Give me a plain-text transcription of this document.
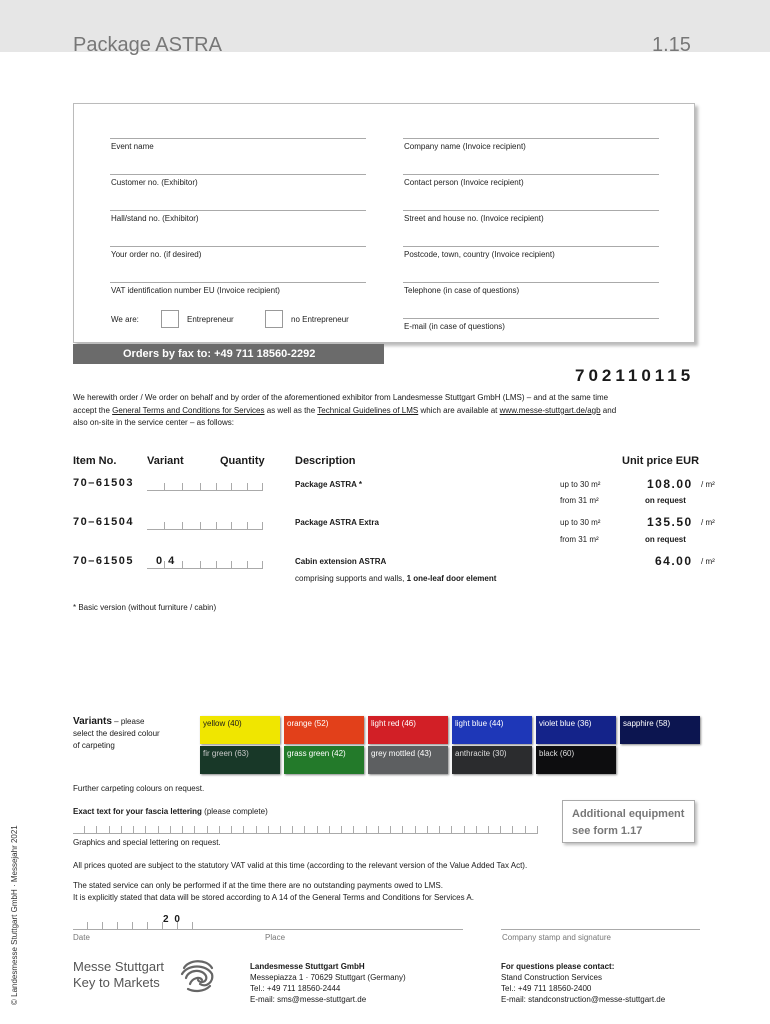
Package ASTRA	1.15
Event name
Customer no. (Exhibitor)
Hall/stand no. (Exhibitor)
Your order no. (if desired)
VAT identification number EU (Invoice recipient)
We are:	Entrepreneur	no Entrepreneur
Company name (Invoice recipient)
Contact person (Invoice recipient)
Street and house no. (Invoice recipient)
Postcode, town, country (Invoice recipient)
Telephone (in case of questions)
E-mail (in case of questions)
Orders by fax to: +49 711 18560-2292
702110115
We herewith order / We order on behalf and by order of the aforementioned exhibitor from Landesmesse Stuttgart GmbH (LMS) – and at the same time
accept the General Terms and Conditions for Services as well as the Technical Guidelines of LMS which are available at www.messe-stuttgart.de/agb and
also on-site in the service center – as follows:
Item No.	Variant	Quantity	Description	Unit price EUR
70–61503	Package ASTRA *	up to 30 m²	108.00 / m²
from 31 m²	on request
70–61504	Package ASTRA Extra	up to 30 m²	135.50 / m²
from 31 m²	on request
70–61505 0 4	Cabin extension ASTRA	64.00 / m²
comprising supports and walls, 1 one-leaf door element
* Basic version (without furniture / cabin)
Variants – please
select the desired colour
of carpeting
yellow (40)	orange (52)	light red (46)	light blue (44)	violet blue (36)	sapphire (58)
fir green (63)	grass green (42)	grey mottled (43)	anthracite (30)	black (60)
Further carpeting colours on request.
Exact text for your fascia lettering (please complete)
Graphics and special lettering on request.
Additional equipment
see form 1.17
All prices quoted are subject to the statutory VAT valid at this time (according to the relevant version of the Value Added Tax Act).
The stated service can only be performed if at the time there are no outstanding payments owed to LMS.
It is explicitly stated that data will be stored according to A 14 of the General Terms and Conditions for Services A.
2 0
Date	Place	Company stamp and signature
© Landesmesse Stuttgart GmbH · Messejahr 2021	Messe Stuttgart
Key to Markets
Landesmesse Stuttgart GmbH
Messepiazza 1 · 70629 Stuttgart (Germany)
Tel.: +49 711 18560-2444
E-mail: sms@messe-stuttgart.de
For questions please contact:
Stand Construction Services
Tel.: +49 711 18560-2400
E-mail: standconstruction@messe-stuttgart.de
